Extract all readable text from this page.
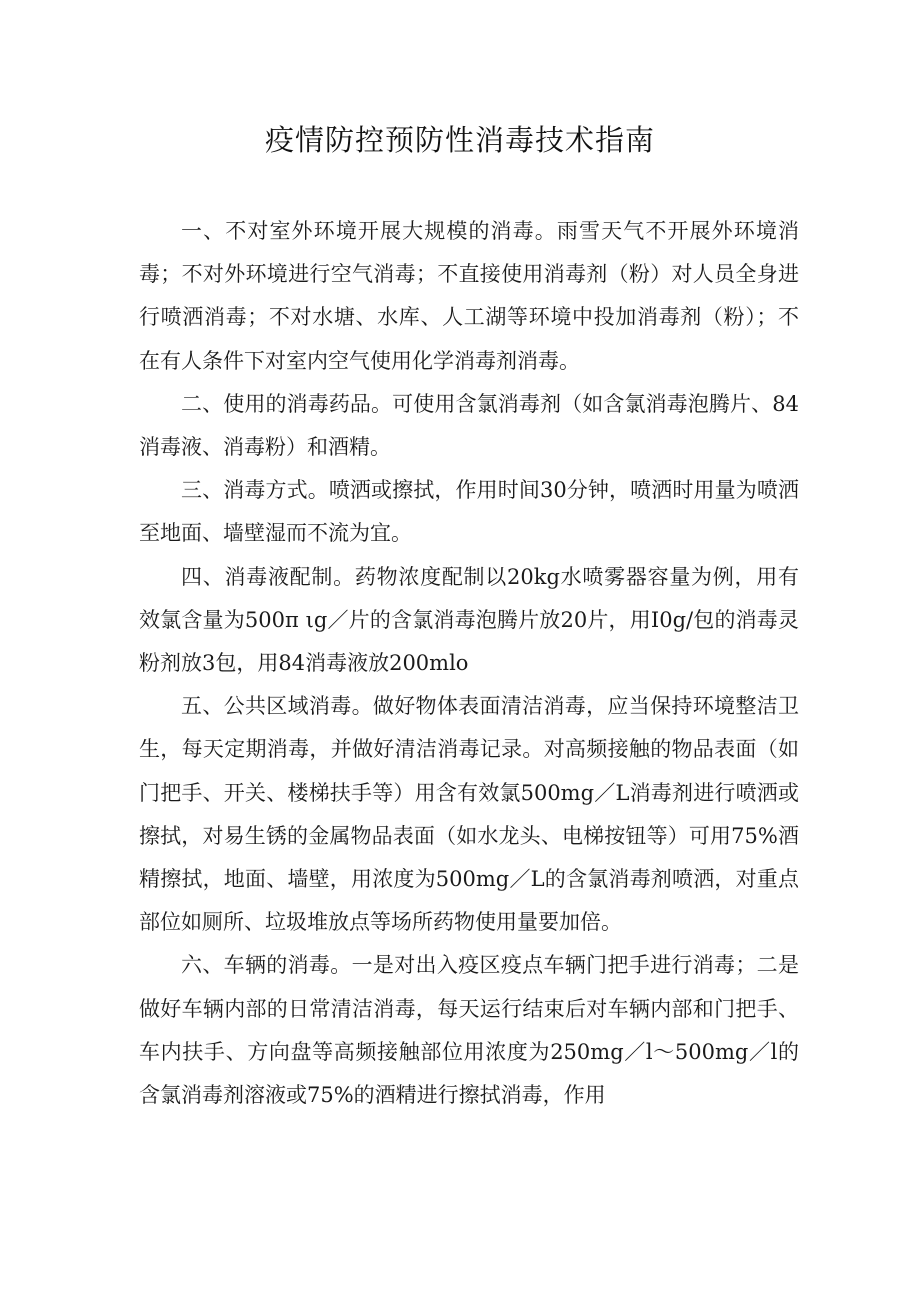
疫情防控预防性消毒技术指南

一、不对室外环境开展大规模的消毒。雨雪天气不开展外环境消毒；不对外环境进行空气消毒；不直接使用消毒剂（粉）对人员全身进行喷洒消毒；不对水塘、水库、人工湖等环境中投加消毒剂（粉）；不在有人条件下对室内空气使用化学消毒剂消毒。

二、使用的消毒药品。可使用含氯消毒剂（如含氯消毒泡腾片、84消毒液、消毒粉）和酒精。

三、消毒方式。喷洒或擦拭，作用时间30分钟，喷洒时用量为喷洒至地面、墙壁湿而不流为宜。

四、消毒液配制。药物浓度配制以20kg水喷雾器容量为例，用有效氯含量为500π ιg／片的含氯消毒泡腾片放20片，用I0g/包的消毒灵粉剂放3包，用84消毒液放200mlo

五、公共区域消毒。做好物体表面清洁消毒，应当保持环境整洁卫生，每天定期消毒，并做好清洁消毒记录。对高频接触的物品表面（如门把手、开关、楼梯扶手等）用含有效氯500mg／L消毒剂进行喷洒或擦拭，对易生锈的金属物品表面（如水龙头、电梯按钮等）可用75%酒精擦拭，地面、墙壁，用浓度为500mg／L的含氯消毒剂喷洒，对重点部位如厕所、垃圾堆放点等场所药物使用量要加倍。

六、车辆的消毒。一是对出入疫区疫点车辆门把手进行消毒；二是做好车辆内部的日常清洁消毒，每天运行结束后对车辆内部和门把手、车内扶手、方向盘等高频接触部位用浓度为250mg／l～500mg／l的含氯消毒剂溶液或75%的酒精进行擦拭消毒，作用
